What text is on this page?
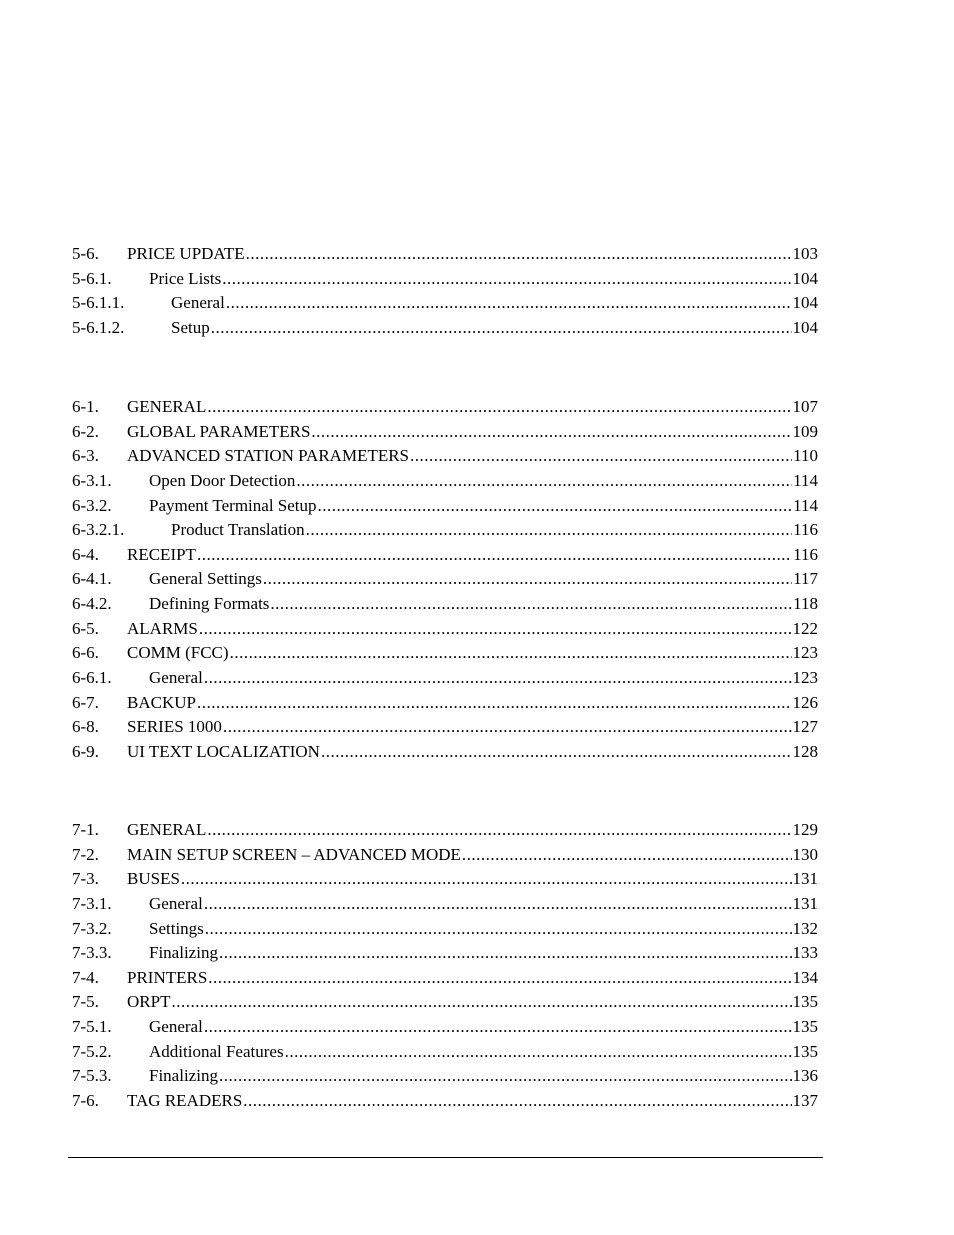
5-6.	PRICE UPDATE .....	103
5-6.1.	Price Lists .....	104
5-6.1.1.	General .....	104
5-6.1.2.	Setup .....	104
6-1.	GENERAL .....	107
6-2.	GLOBAL PARAMETERS .....	109
6-3.	ADVANCED STATION PARAMETERS .....	110
6-3.1.	Open Door Detection .....	114
6-3.2.	Payment Terminal Setup .....	114
6-3.2.1.	Product Translation .....	116
6-4.	RECEIPT .....	116
6-4.1.	General Settings .....	117
6-4.2.	Defining Formats .....	118
6-5.	ALARMS .....	122
6-6.	COMM (FCC) .....	123
6-6.1.	General .....	123
6-7.	BACKUP .....	126
6-8.	SERIES 1000 .....	127
6-9.	UI TEXT LOCALIZATION .....	128
7-1.	GENERAL .....	129
7-2.	MAIN SETUP SCREEN – ADVANCED MODE .....	130
7-3.	BUSES .....	131
7-3.1.	General .....	131
7-3.2.	Settings .....	132
7-3.3.	Finalizing .....	133
7-4.	PRINTERS .....	134
7-5.	ORPT .....	135
7-5.1.	General .....	135
7-5.2.	Additional Features .....	135
7-5.3.	Finalizing .....	136
7-6.	TAG READERS .....	137
